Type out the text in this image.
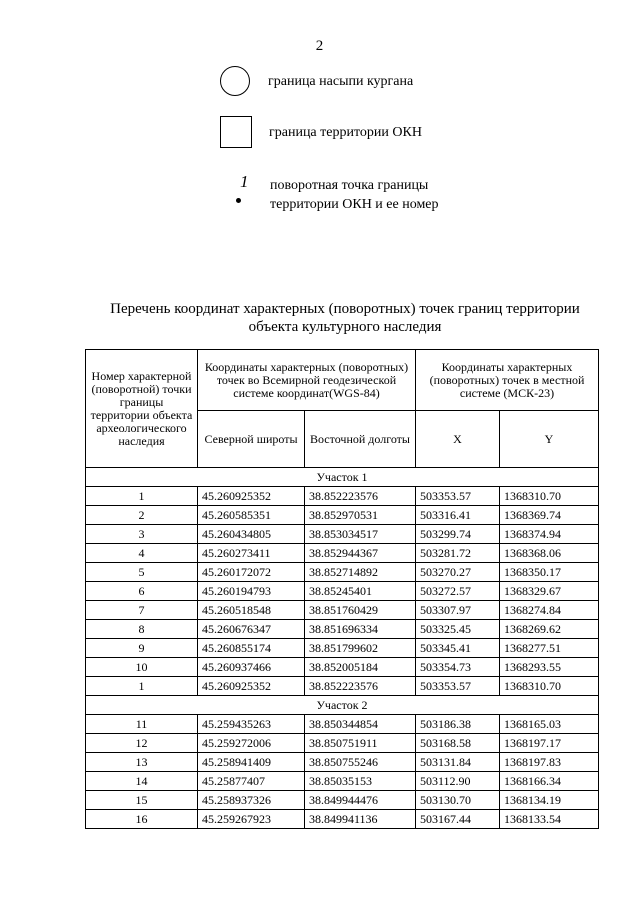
2
граница насыпи кургана
граница территории ОКН
1 поворотная точка границы
территории ОКН и ее номер
Перечень координат характерных (поворотных) точек границ территории
объекта культурного наследия
Номер характерной (поворотной) точки границы территории объекта археологического наследия	Координаты характерных (поворотных) точек во Всемирной геодезической системе координат(WGS-84)		Координаты характерных (поворотных) точек в местной системе (МСК-23)	
	Северной широты	Восточной долготы	X	Y
Участок 1				
1	45.260925352	38.852223576	503353.57	1368310.70
2	45.260585351	38.852970531	503316.41	1368369.74
3	45.260434805	38.853034517	503299.74	1368374.94
4	45.260273411	38.852944367	503281.72	1368368.06
5	45.260172072	38.852714892	503270.27	1368350.17
6	45.260194793	38.85245401	503272.57	1368329.67
7	45.260518548	38.851760429	503307.97	1368274.84
8	45.260676347	38.851696334	503325.45	1368269.62
9	45.260855174	38.851799602	503345.41	1368277.51
10	45.260937466	38.852005184	503354.73	1368293.55
1	45.260925352	38.852223576	503353.57	1368310.70
Участок 2				
11	45.259435263	38.850344854	503186.38	1368165.03
12	45.259272006	38.850751911	503168.58	1368197.17
13	45.258941409	38.850755246	503131.84	1368197.83
14	45.25877407	38.85035153	503112.90	1368166.34
15	45.258937326	38.849944476	503130.70	1368134.19
16	45.259267923	38.849941136	503167.44	1368133.54
